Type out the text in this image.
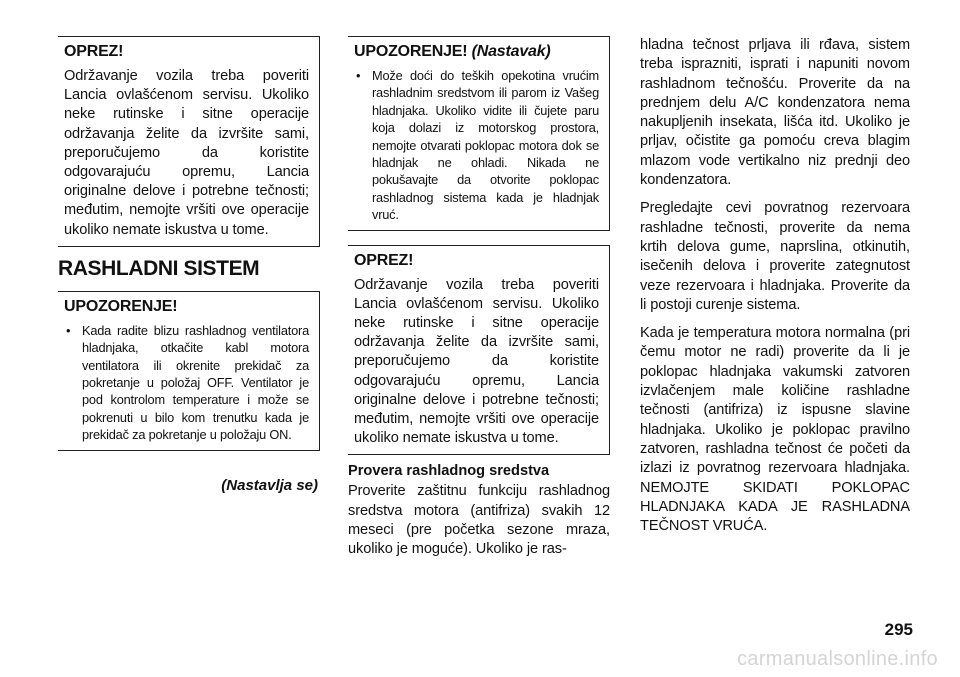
OPREZ!

Održavanje vozila treba poveriti Lancia ovlašćenom servisu. Ukoliko neke rutinske i sitne operacije održavanja želite da izvršite sami, preporučujemo da koristite odgovarajuću opremu, Lancia originalne delove i potrebne tečnosti; međutim, nemojte vršiti ove operacije ukoliko nemate iskustva u tome.

RASHLADNI SISTEM
UPOZORENJE!
• Kada radite blizu rashladnog ventilatora hladnjaka, otkačite kabl motora ventilatora ili okrenite prekidač za pokretanje u položaj OFF. Ventilator je pod kontrolom temperature i može se pokrenuti u bilo kom trenutku kada je prekidač za pokretanje u položaju ON.
(Nastavlja se)
UPOZORENJE! (Nastavak)
• Može doći do teških opekotina vrućim rashladnim sredstvom ili parom iz Vašeg hladnjaka. Ukoliko vidite ili čujete paru koja dolazi iz motorskog prostora, nemojte otvarati poklopac motora dok se hladnjak ne ohladi. Nikada ne pokušavajte da otvorite poklopac rashladnog sistema kada je hladnjak vruć.
OPREZ!

Održavanje vozila treba poveriti Lancia ovlašćenom servisu. Ukoliko neke rutinske i sitne operacije održavanja želite da izvršite sami, preporučujemo da koristite odgovarajuću opremu, Lancia originalne delove i potrebne tečnosti; međutim, nemojte vršiti ove operacije ukoliko nemate iskustva u tome.

Provera rashladnog sredstva

Proverite zaštitnu funkciju rashladnog sredstva motora (antifriza) svakih 12 meseci (pre početka sezone mraza, ukoliko je moguće). Ukoliko je ras-

hladna tečnost prljava ili rđava, sistem treba isprazniti, isprati i napuniti novom rashladnom tečnošću. Proverite da na prednjem delu A/C kondenzatora nema nakupljenih insekata, lišća itd. Ukoliko je prljav, očistite ga pomoću creva blagim mlazom vode vertikalno niz prednji deo kondenzatora.

Pregledajte cevi povratnog rezervoara rashladne tečnosti, proverite da nema krtih delova gume, naprslina, otkinutih, isečenih delova i proverite zategnutost veze rezervoara i hladnjaka. Proverite da li postoji curenje sistema.

Kada je temperatura motora normalna (pri čemu motor ne radi) proverite da li je poklopac hladnjaka vakumski zatvoren izvlačenjem male količine rashladne tečnosti (antifriza) iz ispusne slavine hladnjaka. Ukoliko je poklopac pravilno zatvoren, rashladna tečnost će početi da izlazi iz povratnog rezervoara hladnjaka. NEMOJTE SKIDATI POKLOPAC HLADNJAKA KADA JE RASHLADNA TEČNOST VRUĆA.

295
carmanualsonline.info
